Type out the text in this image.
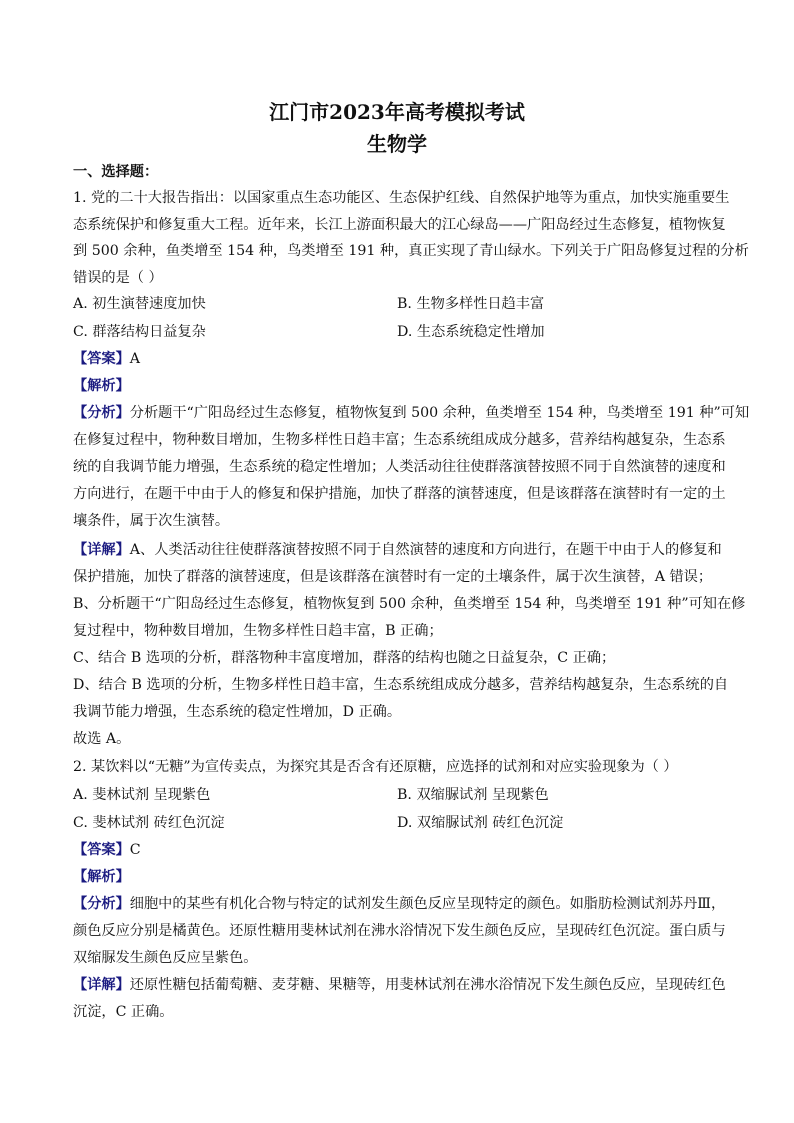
江门市2023年高考模拟考试
生物学
一、选择题：
1. 党的二十大报告指出：以国家重点生态功能区、生态保护红线、自然保护地等为重点，加快实施重要生
态系统保护和修复重大工程。近年来，长江上游面积最大的江心绿岛——广阳岛经过生态修复，植物恢复
到 500 余种，鱼类增至 154 种，鸟类增至 191 种，真正实现了青山绿水。下列关于广阳岛修复过程的分析
错误的是（ ）
A. 初生演替速度加快	B. 生物多样性日趋丰富
C. 群落结构日益复杂	D. 生态系统稳定性增加
【答案】A
【解析】
【分析】分析题干“广阳岛经过生态修复，植物恢复到 500 余种，鱼类增至 154 种，鸟类增至 191 种”可知
在修复过程中，物种数目增加，生物多样性日趋丰富；生态系统组成成分越多，营养结构越复杂，生态系
统的自我调节能力增强，生态系统的稳定性增加；人类活动往往使群落演替按照不同于自然演替的速度和
方向进行，在题干中由于人的修复和保护措施，加快了群落的演替速度，但是该群落在演替时有一定的土
壤条件，属于次生演替。
【详解】A、人类活动往往使群落演替按照不同于自然演替的速度和方向进行，在题干中由于人的修复和
保护措施，加快了群落的演替速度，但是该群落在演替时有一定的土壤条件，属于次生演替，A 错误；
B、分析题干“广阳岛经过生态修复，植物恢复到 500 余种，鱼类增至 154 种，鸟类增至 191 种”可知在修
复过程中，物种数目增加，生物多样性日趋丰富，B 正确；
C、结合 B 选项的分析，群落物种丰富度增加，群落的结构也随之日益复杂，C 正确；
D、结合 B 选项的分析，生物多样性日趋丰富，生态系统组成成分越多，营养结构越复杂，生态系统的自
我调节能力增强，生态系统的稳定性增加，D 正确。
故选 A。
2. 某饮料以“无糖”为宣传卖点，为探究其是否含有还原糖，应选择的试剂和对应实验现象为（ ）
A. 斐林试剂 呈现紫色	B. 双缩脲试剂 呈现紫色
C. 斐林试剂 砖红色沉淀	D. 双缩脲试剂 砖红色沉淀
【答案】C
【解析】
【分析】细胞中的某些有机化合物与特定的试剂发生颜色反应呈现特定的颜色。如脂肪检测试剂苏丹Ⅲ，
颜色反应分别是橘黄色。还原性糖用斐林试剂在沸水浴情况下发生颜色反应，呈现砖红色沉淀。蛋白质与
双缩脲发生颜色反应呈紫色。
【详解】还原性糖包括葡萄糖、麦芽糖、果糖等，用斐林试剂在沸水浴情况下发生颜色反应，呈现砖红色
沉淀，C 正确。
